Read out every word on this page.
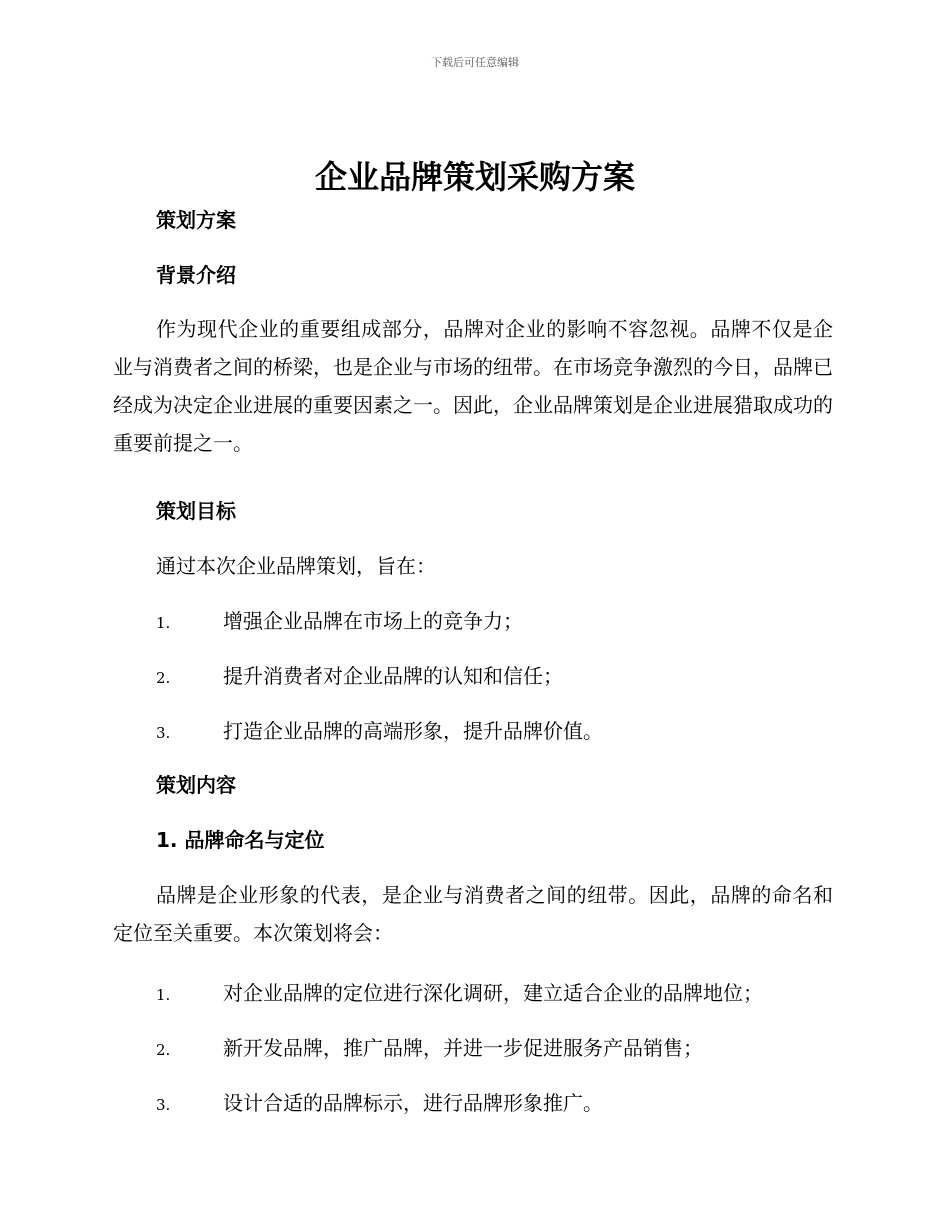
下载后可任意编辑
企业品牌策划采购方案
策划方案
背景介绍
作为现代企业的重要组成部分，品牌对企业的影响不容忽视。品牌不仅是企业与消费者之间的桥梁，也是企业与市场的纽带。在市场竞争激烈的今日，品牌已经成为决定企业进展的重要因素之一。因此，企业品牌策划是企业进展猎取成功的重要前提之一。
策划目标
通过本次企业品牌策划，旨在：
1.	增强企业品牌在市场上的竞争力；
2.	提升消费者对企业品牌的认知和信任；
3.	打造企业品牌的高端形象，提升品牌价值。
策划内容
1. 品牌命名与定位
品牌是企业形象的代表，是企业与消费者之间的纽带。因此，品牌的命名和定位至关重要。本次策划将会：
1.	对企业品牌的定位进行深化调研，建立适合企业的品牌地位；
2.	新开发品牌，推广品牌，并进一步促进服务产品销售；
3.	设计合适的品牌标示，进行品牌形象推广。
